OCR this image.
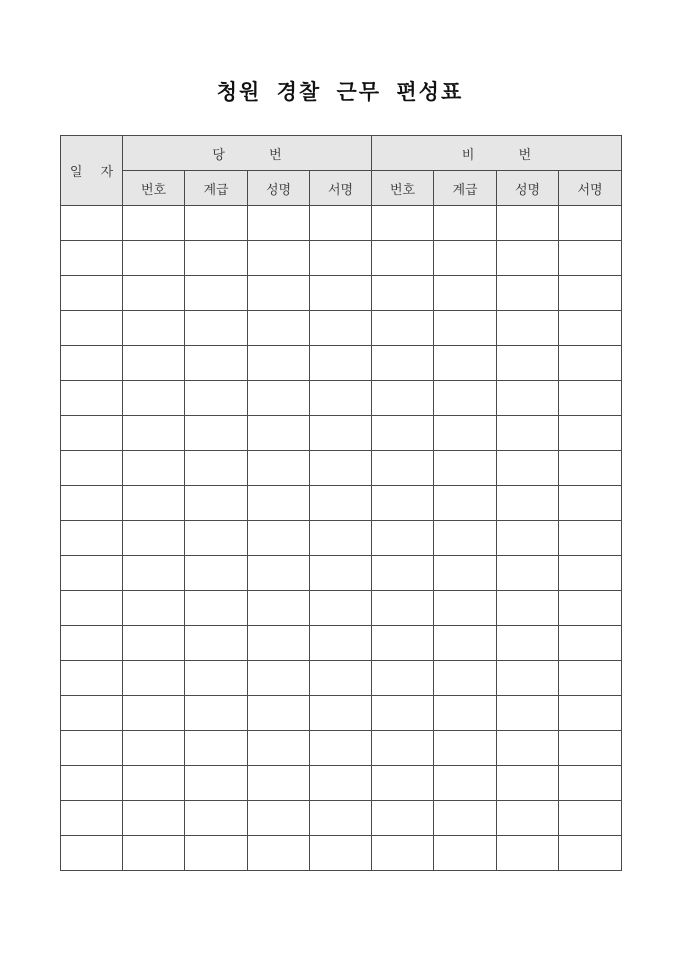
청원 경찰 근무 편성표
일 자	당 번				비 번			
	번호	계급	성명	서명	번호	계급	성명	서명
